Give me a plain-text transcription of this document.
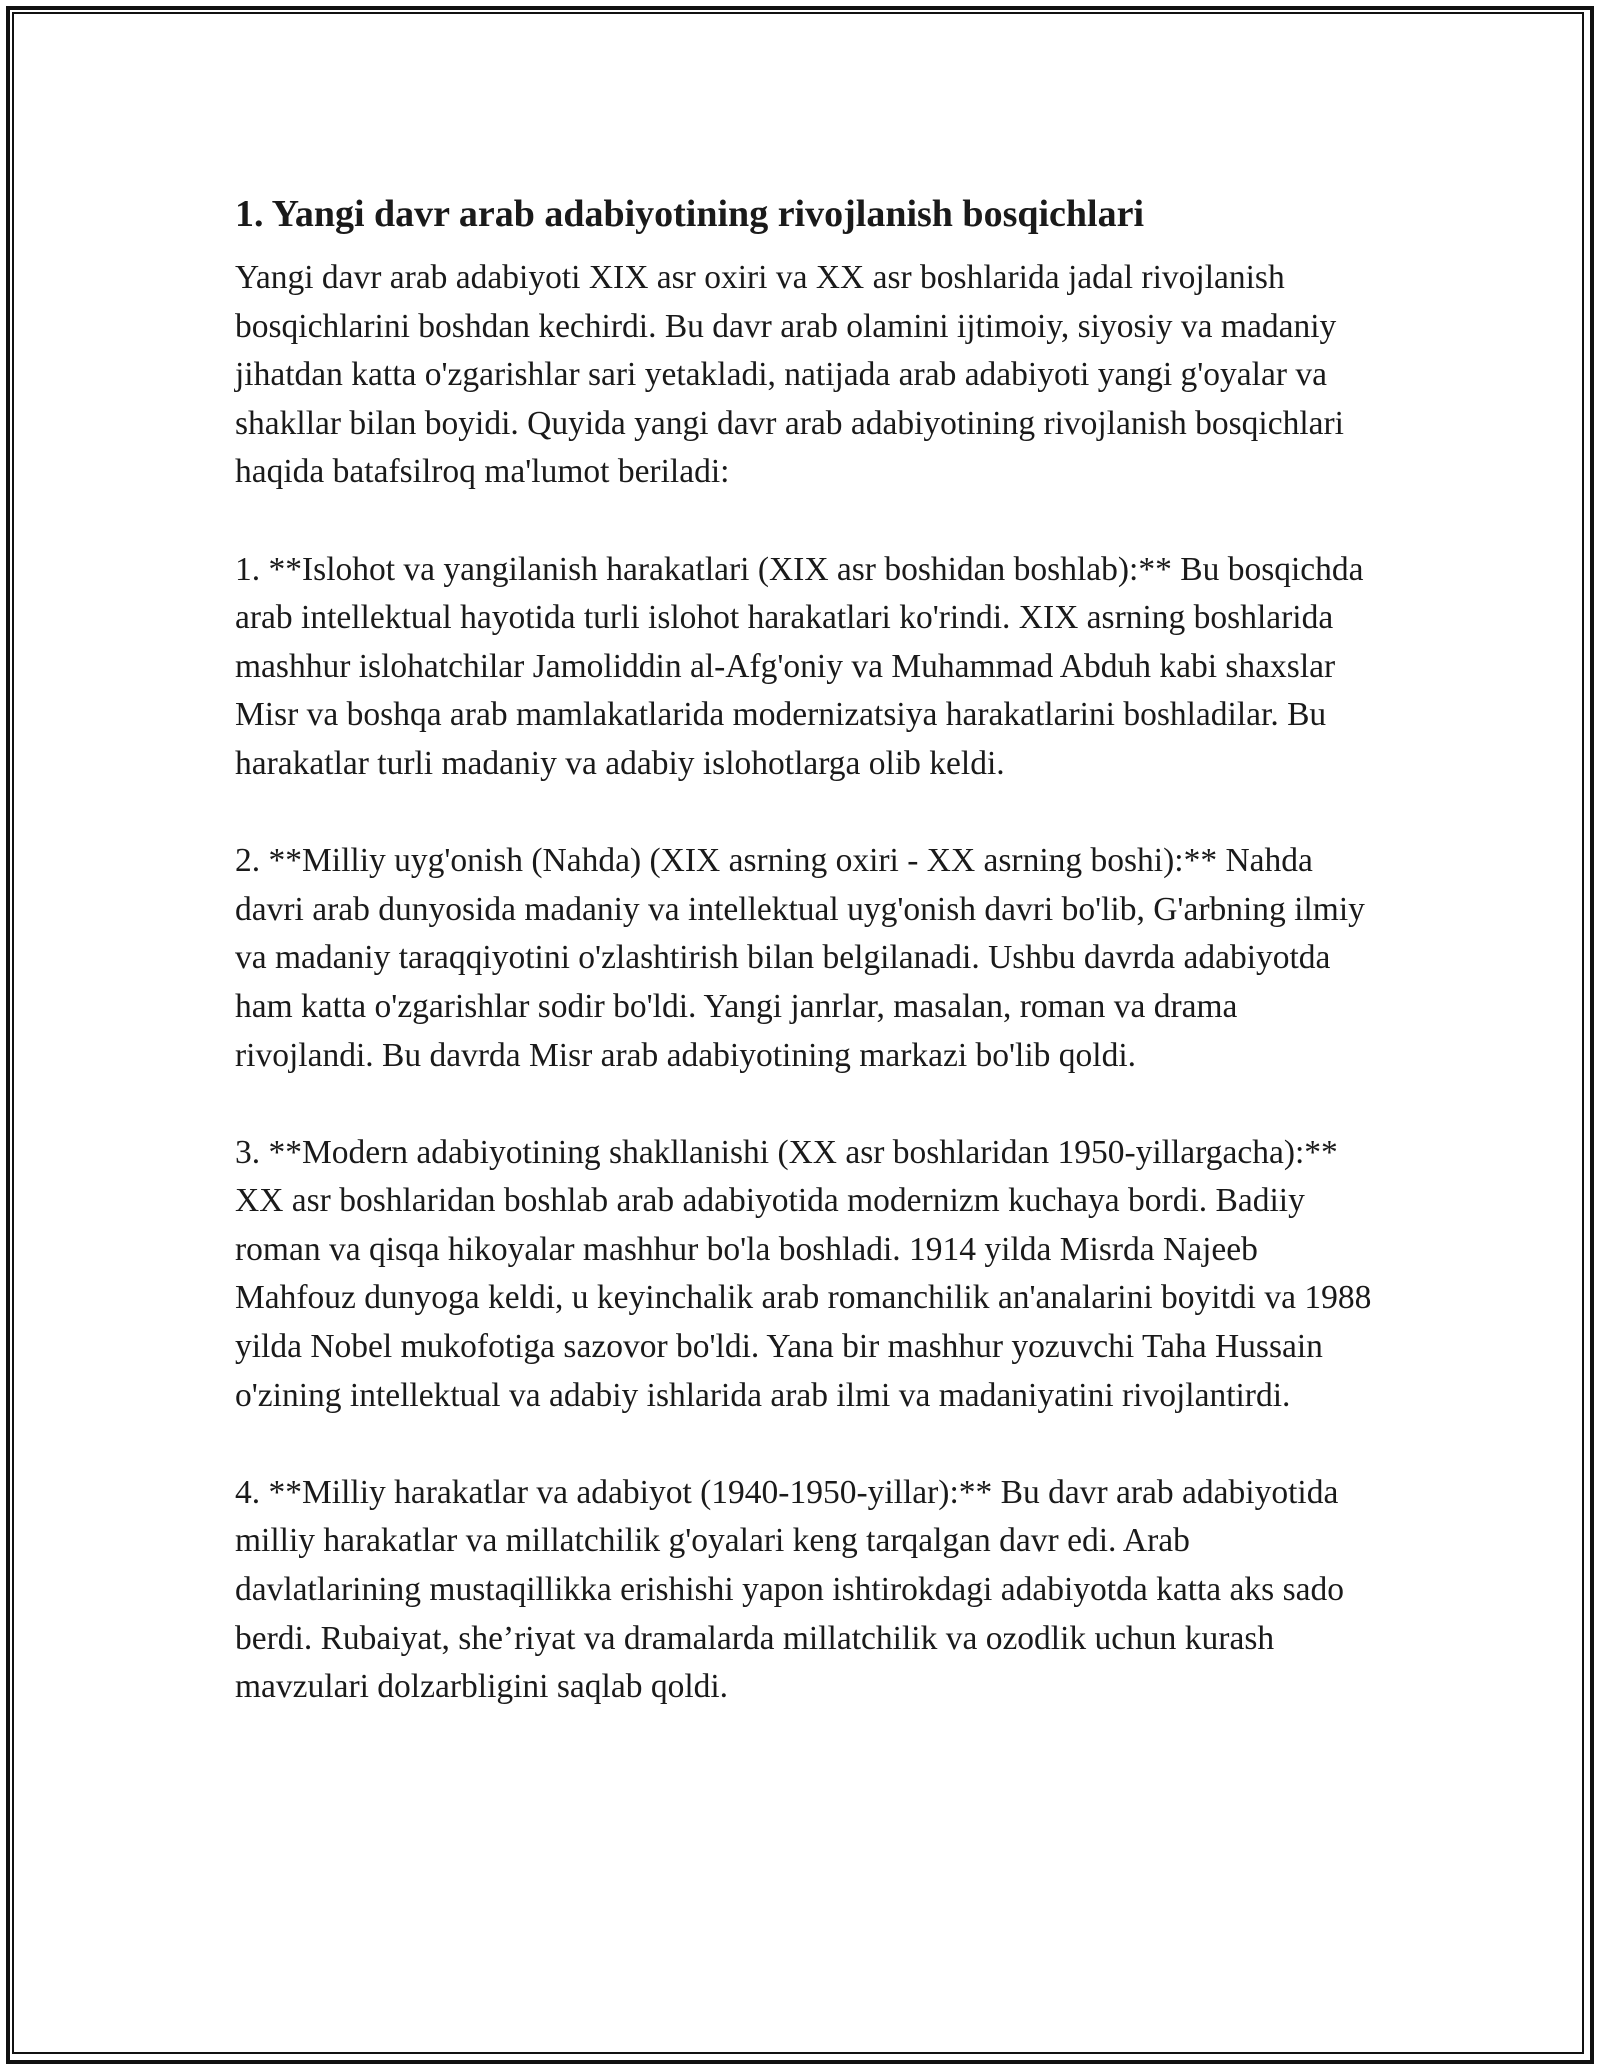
1. Yangi davr arab adabiyotining rivojlanish bosqichlari

Yangi davr arab adabiyoti XIX asr oxiri va XX asr boshlarida jadal rivojlanish bosqichlarini boshdan kechirdi. Bu davr arab olamini ijtimoiy, siyosiy va madaniy jihatdan katta o'zgarishlar sari yetakladi, natijada arab adabiyoti yangi g'oyalar va shakllar bilan boyidi. Quyida yangi davr arab adabiyotining rivojlanish bosqichlari haqida batafsilroq ma'lumot beriladi:

1. **Islohot va yangilanish harakatlari (XIX asr boshidan boshlab):** Bu bosqichda arab intellektual hayotida turli islohot harakatlari ko'rindi. XIX asrning boshlarida mashhur islohatchilar Jamoliddin al-Afg'oniy va Muhammad Abduh kabi shaxslar Misr va boshqa arab mamlakatlarida modernizatsiya harakatlarini boshladilar. Bu harakatlar turli madaniy va adabiy islohotlarga olib keldi.

2. **Milliy uyg'onish (Nahda) (XIX asrning oxiri - XX asrning boshi):** Nahda davri arab dunyosida madaniy va intellektual uyg'onish davri bo'lib, G'arbning ilmiy va madaniy taraqqiyotini o'zlashtirish bilan belgilanadi. Ushbu davrda adabiyotda ham katta o'zgarishlar sodir bo'ldi. Yangi janrlar, masalan, roman va drama rivojlandi. Bu davrda Misr arab adabiyotining markazi bo'lib qoldi.

3. **Modern adabiyotining shakllanishi (XX asr boshlaridan 1950-yillargacha):** XX asr boshlaridan boshlab arab adabiyotida modernizm kuchaya bordi. Badiiy roman va qisqa hikoyalar mashhur bo'la boshladi. 1914 yilda Misrda Najeeb Mahfouz dunyoga keldi, u keyinchalik arab romanchilik an'analarini boyitdi va 1988 yilda Nobel mukofotiga sazovor bo'ldi. Yana bir mashhur yozuvchi Taha Hussain o'zining intellektual va adabiy ishlarida arab ilmi va madaniyatini rivojlantirdi.

4. **Milliy harakatlar va adabiyot (1940-1950-yillar):** Bu davr arab adabiyotida milliy harakatlar va millatchilik g'oyalari keng tarqalgan davr edi. Arab davlatlarining mustaqillikka erishishi yapon ishtirokdagi adabiyotda katta aks sado berdi. Rubaiyat, she’riyat va dramalarda millatchilik va ozodlik uchun kurash mavzulari dolzarbligini saqlab qoldi.
